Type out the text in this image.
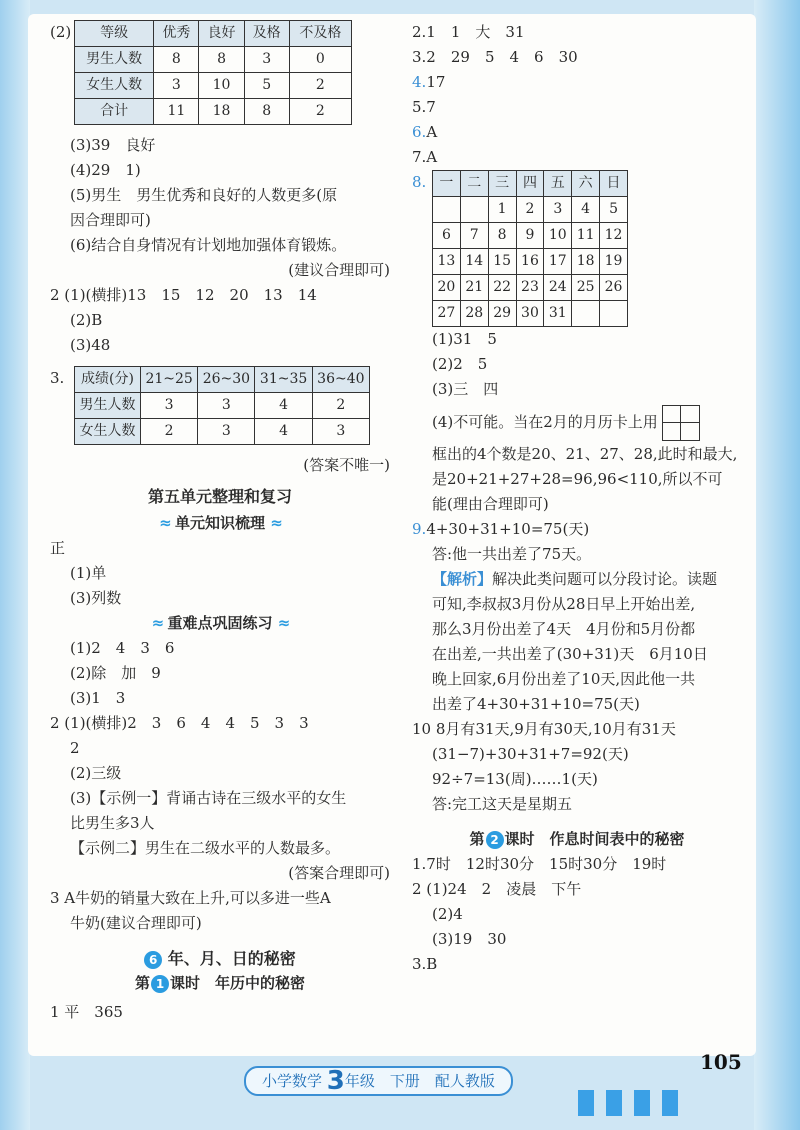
(2) 等级	优秀	良好	及格	不及格
男生人数	8	8	3	0
女生人数	3	10	5	2
合计	11	18	8	2
(3)39　良好
(4)29　1)
(5)男生　男生优秀和良好的人数更多(原
因合理即可)
(6)结合自身情况有计划地加强体育锻炼。
(建议合理即可)
2 (1)(横排)13　15　12　20　13　14
(2)B
(3)48
3.	成绩(分)	21~25	26~30	31~35	36~40
男生人数	3	3	4	2
女生人数	2	3	4	3
(答案不唯一)
第五单元整理和复习
≈ 单元知识梳理 ≈
正
(1)单
(3)列数
≈ 重难点巩固练习 ≈
(1)2　4　3　6
(2)除　加　9
(3)1　3
2 (1)(横排)2　3　6　4　4　5　3　3
2
(2)三级
(3)【示例一】背诵古诗在三级水平的女生
比男生多3人
【示例二】男生在二级水平的人数最多。
(答案合理即可)
3 A牛奶的销量大致在上升,可以多进一些A
牛奶(建议合理即可)
6 年、月、日的秘密
第 1 课时　年历中的秘密
1 平　365
2.1　1　大　31
3.2　29　5　4　6　30
4.17
5.7
6.A
7.A
8. 一	二	三	四	五	六	日
		1	2	3	4	5
6	7	8	9	10	11	12
13	14	15	16	17	18	19
20	21	22	23	24	25	26
27	28	29	30	31		
(1)31　5
(2)2　5
(3)三　四
(4)不可能。当在2月的月历卡上用
框出的4个数是20、21、27、28,此时和最大,
是20+21+27+28=96,96<110,所以不可
能(理由合理即可)
9.4+30+31+10=75(天)
答:他一共出差了75天。
【解析】解决此类问题可以分段讨论。读题
可知,李叔叔3月份从28日早上开始出差,
那么3月份出差了4天　4月份和5月份都
在出差,一共出差了(30+31)天　6月10日
晚上回家,6月份出差了10天,因此他一共
出差了4+30+31+10=75(天)
10 8月有31天,9月有30天,10月有31天
(31−7)+30+31+7=92(天)
92÷7=13(周)……1(天)
答:完工这天是星期五
第 2 课时　作息时间表中的秘密
1.7时　12时30分　15时30分　19时
2 (1)24　2　凌晨　下午
(2)4
(3)19　30
3.B
105
小学数学 3年级　下册　配人教版
